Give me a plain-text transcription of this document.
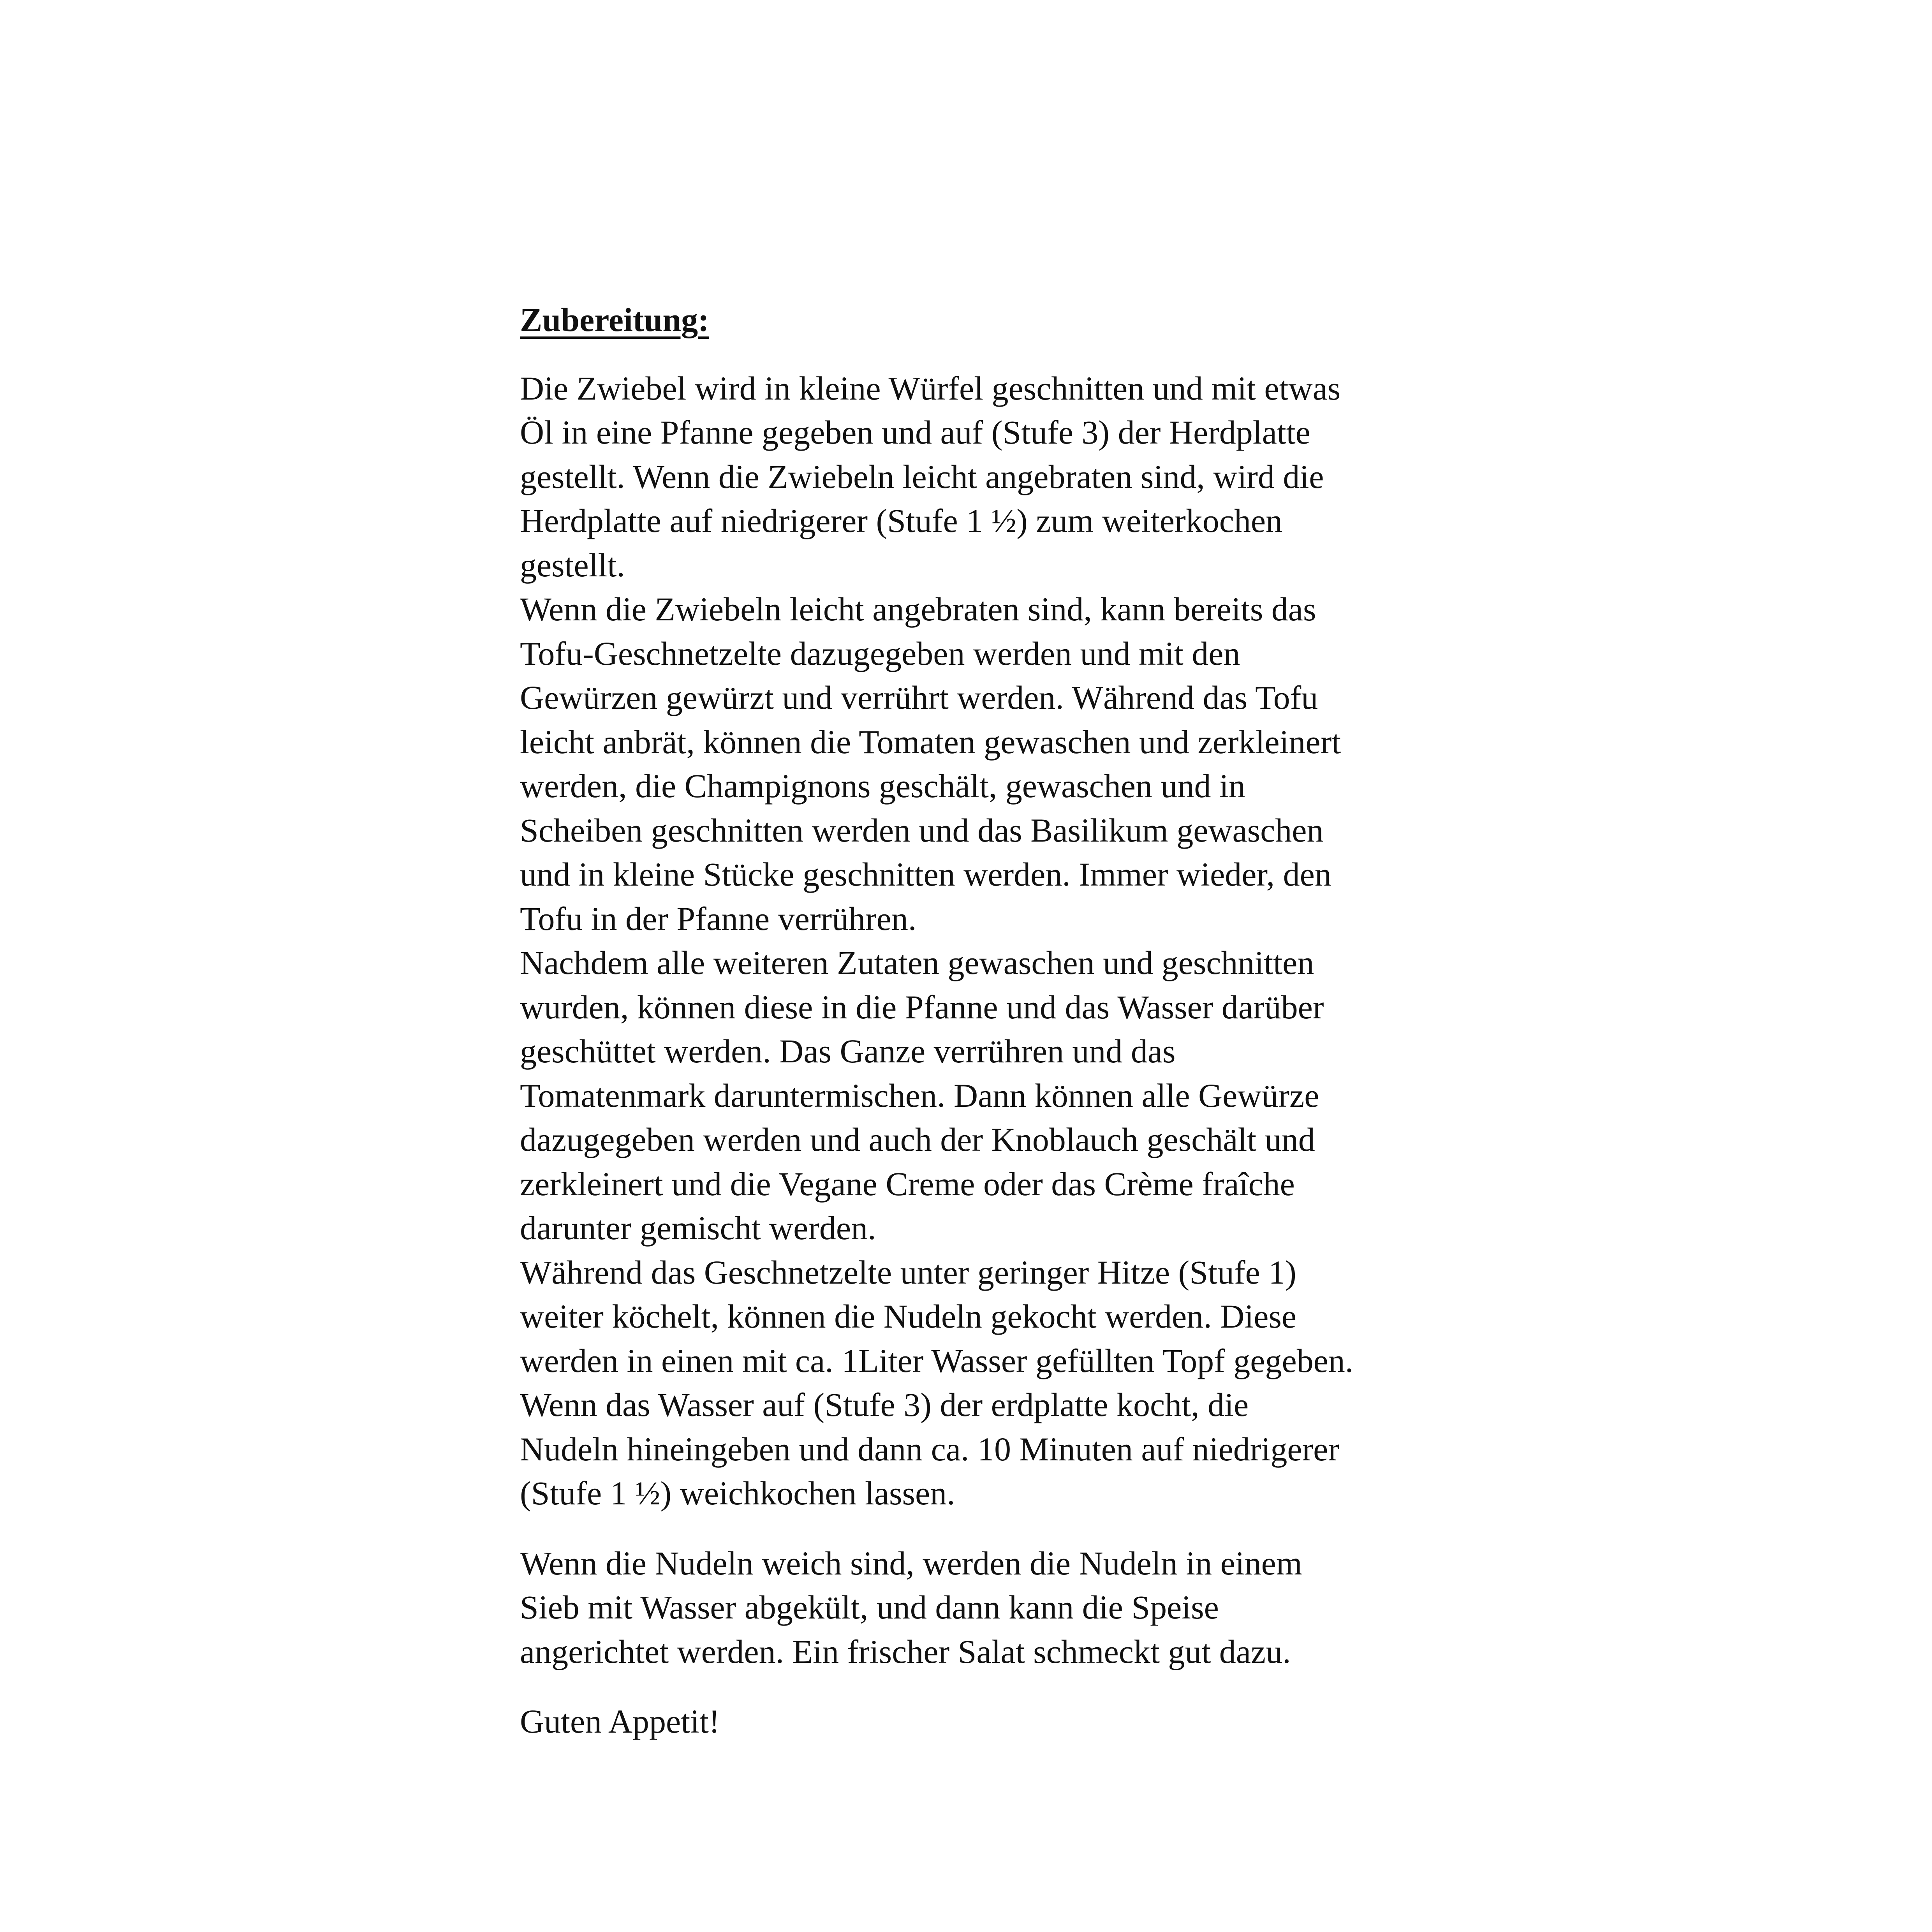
Zubereitung:
Die Zwiebel wird in kleine Würfel geschnitten und mit etwas
Öl in eine Pfanne gegeben und auf (Stufe 3) der Herdplatte
gestellt. Wenn die Zwiebeln leicht angebraten sind, wird die
Herdplatte auf niedrigerer (Stufe 1 ½) zum weiterkochen
gestellt.
Wenn die Zwiebeln leicht angebraten sind, kann bereits das
Tofu-Geschnetzelte dazugegeben werden und mit den
Gewürzen gewürzt und verrührt werden. Während das Tofu
leicht anbrät, können die Tomaten gewaschen und zerkleinert
werden, die Champignons geschält, gewaschen und in
Scheiben geschnitten werden und das Basilikum gewaschen
und in kleine Stücke geschnitten werden. Immer wieder, den
Tofu in der Pfanne verrühren.
Nachdem alle weiteren Zutaten gewaschen und geschnitten
wurden, können diese in die Pfanne und das Wasser darüber
geschüttet werden. Das Ganze verrühren und das
Tomatenmark daruntermischen. Dann können alle Gewürze
dazugegeben werden und auch der Knoblauch geschält und
zerkleinert und die Vegane Creme oder das Crème fraîche
darunter gemischt werden.
Während das Geschnetzelte unter geringer Hitze (Stufe 1)
weiter köchelt, können die Nudeln gekocht werden. Diese
werden in einen mit ca. 1Liter Wasser gefüllten Topf gegeben.
Wenn das Wasser auf (Stufe 3) der erdplatte kocht, die
Nudeln hineingeben und dann ca. 10 Minuten auf niedrigerer
(Stufe 1 ½) weichkochen lassen.
Wenn die Nudeln weich sind, werden die Nudeln in einem
Sieb mit Wasser abgekült, und dann kann die Speise
angerichtet werden. Ein frischer Salat schmeckt gut dazu.

Guten Appetit!
